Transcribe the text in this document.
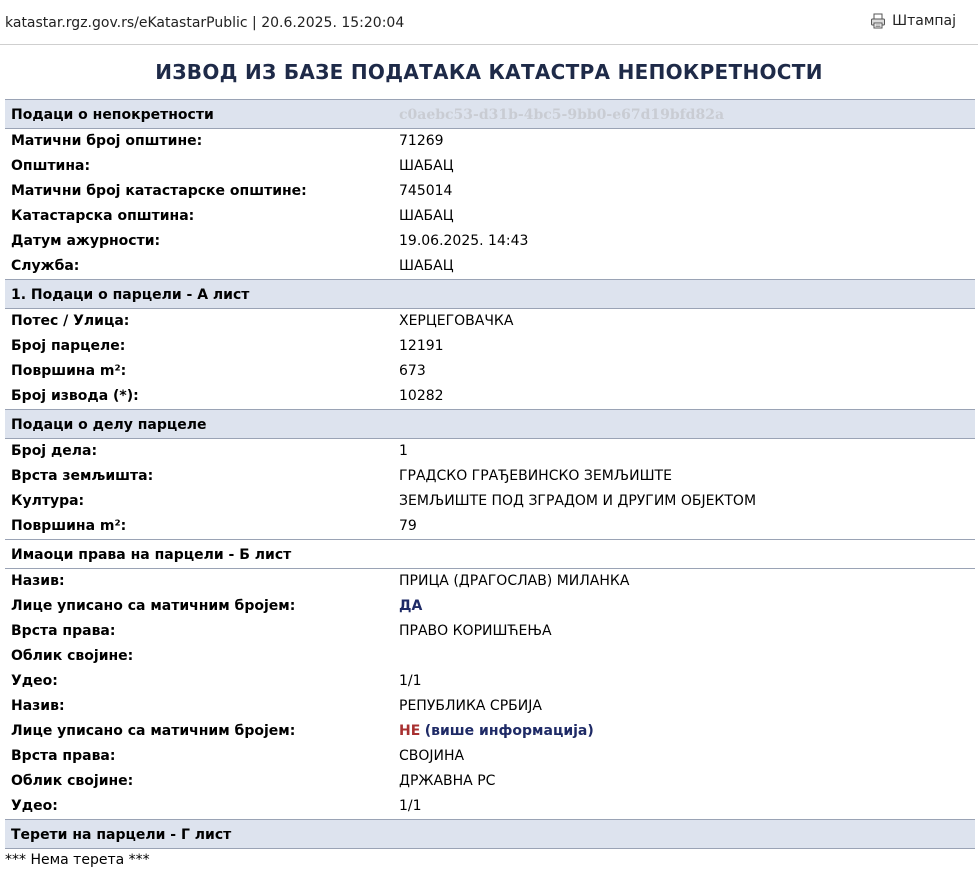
katastar.rgz.gov.rs/eKatastarPublic | 20.6.2025. 15:20:04	Штампај
ИЗВОД ИЗ БАЗЕ ПОДАТАКА КАТАСТРА НЕПОКРЕТНОСТИ
Подаци о непокретности	c0aebc53-d31b-4bc5-9bb0-e67d19bfd82a
Матични број општине:	71269
Општина:	ШАБАЦ
Матични број катастарске општине:	745014
Катастарска општина:	ШАБАЦ
Датум ажурности:	19.06.2025. 14:43
Служба:	ШАБАЦ
1. Подаци о парцели - А лист
Потес / Улица:	ХЕРЦЕГОВАЧКА
Број парцеле:	12191
Површина m²:	673
Број извода (*):	10282
Подаци о делу парцеле
Број дела:	1
Врста земљишта:	ГРАДСКО ГРАЂЕВИНСКО ЗЕМЉИШТЕ
Култура:	ЗЕМЉИШТЕ ПОД ЗГРАДОМ И ДРУГИМ ОБЈЕКТОМ
Површина m²:	79
Имаоци права на парцели - Б лист
Назив:	ПРИЦА (ДРАГОСЛАВ) МИЛАНКА
Лице уписано са матичним бројем:	ДА
Врста права:	ПРАВО КОРИШЋЕЊА
Облик својине:
Удео:	1/1
Назив:	РЕПУБЛИКА СРБИЈА
Лице уписано са матичним бројем:	НЕ (више информација)
Врста права:	СВОЈИНА
Облик својине:	ДРЖАВНА РС
Удео:	1/1
Терети на парцели - Г лист
*** Нема терета ***
